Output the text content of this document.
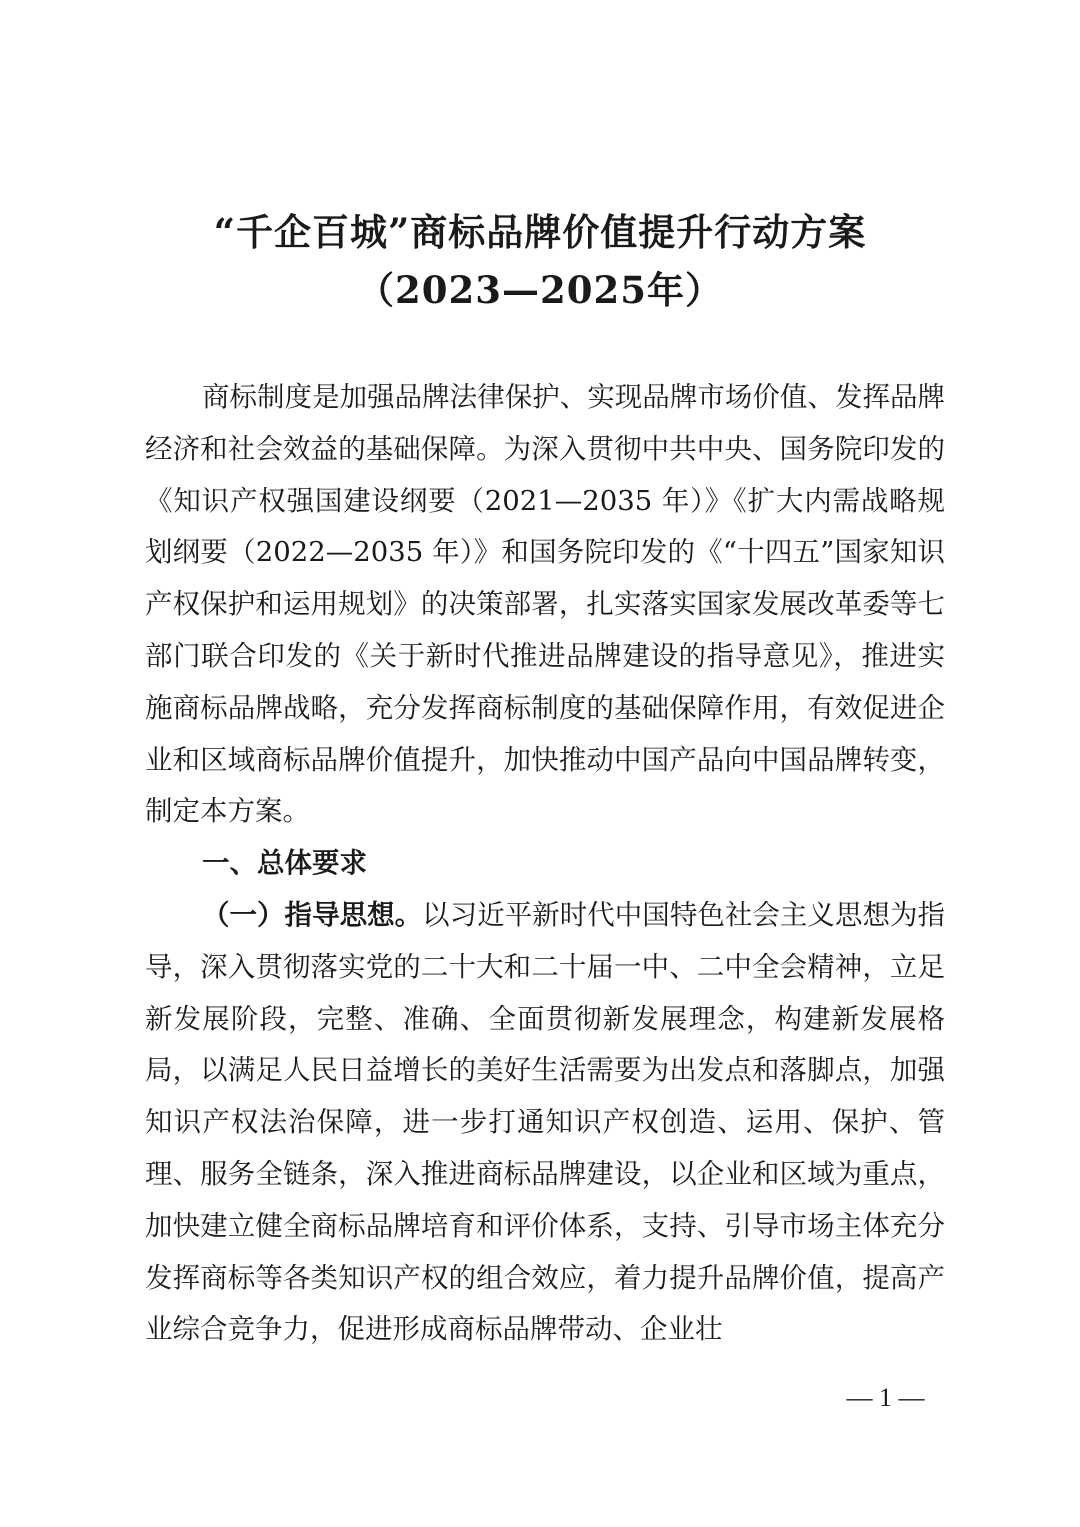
“千企百城”商标品牌价值提升行动方案
（2023—2025年）

商标制度是加强品牌法律保护、实现品牌市场价值、发挥品牌经济和社会效益的基础保障。为深入贯彻中共中央、国务院印发的《知识产权强国建设纲要（2021—2035 年）》《扩大内需战略规划纲要（2022—2035 年）》和国务院印发的《“十四五”国家知识产权保护和运用规划》的决策部署，扎实落实国家发展改革委等七部门联合印发的《关于新时代推进品牌建设的指导意见》，推进实施商标品牌战略，充分发挥商标制度的基础保障作用，有效促进企业和区域商标品牌价值提升，加快推动中国产品向中国品牌转变，制定本方案。

一、总体要求

（一）指导思想。以习近平新时代中国特色社会主义思想为指导，深入贯彻落实党的二十大和二十届一中、二中全会精神，立足新发展阶段，完整、准确、全面贯彻新发展理念，构建新发展格局，以满足人民日益增长的美好生活需要为出发点和落脚点，加强知识产权法治保障，进一步打通知识产权创造、运用、保护、管理、服务全链条，深入推进商标品牌建设，以企业和区域为重点，加快建立健全商标品牌培育和评价体系，支持、引导市场主体充分发挥商标等各类知识产权的组合效应，着力提升品牌价值，提高产业综合竞争力，促进形成商标品牌带动、企业壮

— 1 —
